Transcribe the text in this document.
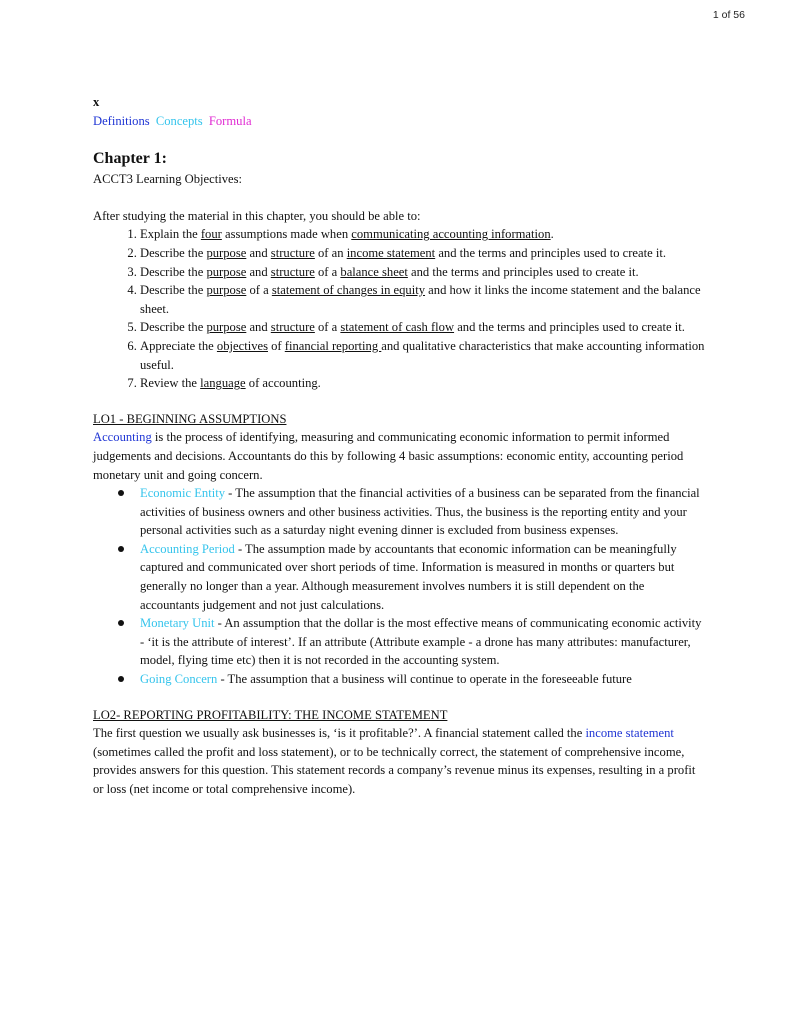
1 of 56

x

Definitions Concepts Formula

Chapter 1:

ACCT3 Learning Objectives:

After studying the material in this chapter, you should be able to:

1. Explain the four assumptions made when communicating accounting information.
2. Describe the purpose and structure of an income statement and the terms and principles used to create it.
3. Describe the purpose and structure of a balance sheet and the terms and principles used to create it.
4. Describe the purpose of a statement of changes in equity and how it links the income statement and the balance sheet.
5. Describe the purpose and structure of a statement of cash flow and the terms and principles used to create it.
6. Appreciate the objectives of financial reporting and qualitative characteristics that make accounting information useful.
7. Review the language of accounting.
LO1 - BEGINNING ASSUMPTIONS

Accounting is the process of identifying, measuring and communicating economic information to permit informed judgements and decisions. Accountants do this by following 4 basic assumptions: economic entity, accounting period monetary unit and going concern.

Economic Entity - The assumption that the financial activities of a business can be separated from the financial activities of business owners and other business activities. Thus, the business is the reporting entity and your personal activities such as a saturday night evening dinner is excluded from business expenses.
Accounting Period - The assumption made by accountants that economic information can be meaningfully captured and communicated over short periods of time. Information is measured in months or quarters but generally no longer than a year. Although measurement involves numbers it is still dependent on the accountants judgement and not just calculations.
Monetary Unit - An assumption that the dollar is the most effective means of communicating economic activity - ‘it is the attribute of interest’. If an attribute (Attribute example - a drone has many attributes: manufacturer, model, flying time etc) then it is not recorded in the accounting system.
Going Concern - The assumption that a business will continue to operate in the foreseeable future
LO2- REPORTING PROFITABILITY: THE INCOME STATEMENT

The first question we usually ask businesses is, ‘is it profitable?’. A financial statement called the income statement (sometimes called the profit and loss statement), or to be technically correct, the statement of comprehensive income, provides answers for this question. This statement records a company’s revenue minus its expenses, resulting in a profit or loss (net income or total comprehensive income).
